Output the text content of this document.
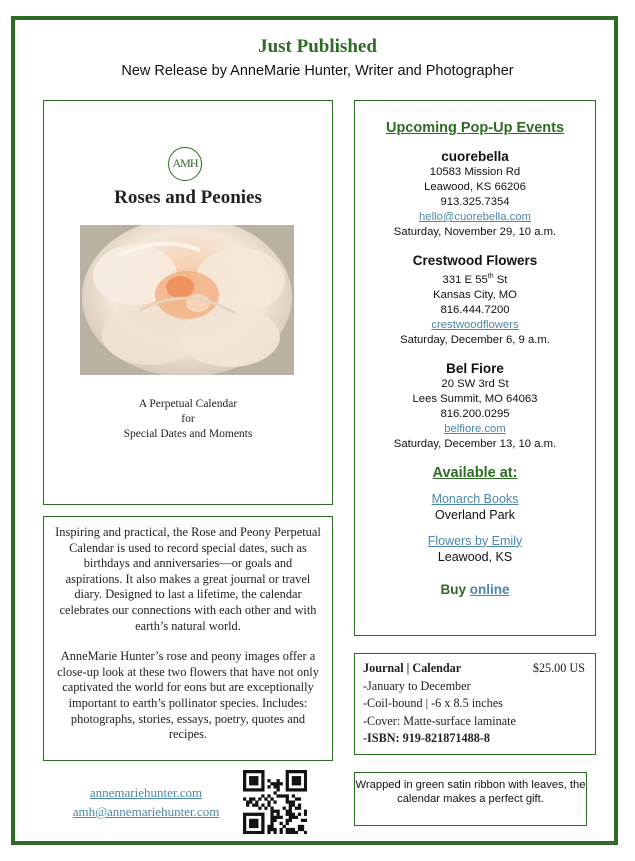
Just Published
New Release by AnneMarie Hunter, Writer and Photographer
AMH
Roses and Peonies
A Perpetual Calendar
for
Special Dates and Moments

Inspiring and practical, the Rose and Peony Perpetual Calendar is used to record special dates, such as birthdays and anniversaries—or goals and aspirations. It also makes a great journal or travel diary. Designed to last a lifetime, the calendar celebrates our connections with each other and with earth’s natural world.

AnneMarie Hunter’s rose and peony images offer a close-up look at these two flowers that have not only captivated the world for eons but are exceptionally important to earth’s pollinator species. Includes: photographs, stories, essays, poetry, quotes and recipes.

Upcoming Pop-Up Events
cuorebella
10583 Mission Rd
Leawood, KS 66206
913.325.7354
hello@cuorebella.com
Saturday, November 29, 10 a.m.
Crestwood Flowers
331 E 55th St
Kansas City, MO
816.444.7200
crestwoodflowers
Saturday, December 6, 9 a.m.
Bel Fiore
20 SW 3rd St
Lees Summit, MO 64063
816.200.0295
belfiore.com
Saturday, December 13, 10 a.m.
Available at:
Monarch Books
Overland Park
Flowers by Emily
Leawood, KS
Buy online
Journal | Calendar	$25.00 US
-January to December
-Coil-bound | -6 x 8.5 inches
-Cover: Matte-surface laminate
-ISBN: 919-821871488-8
annemariehunter.com
amh@annemariehunter.com
Wrapped in green satin ribbon with leaves, the calendar makes a perfect gift.
